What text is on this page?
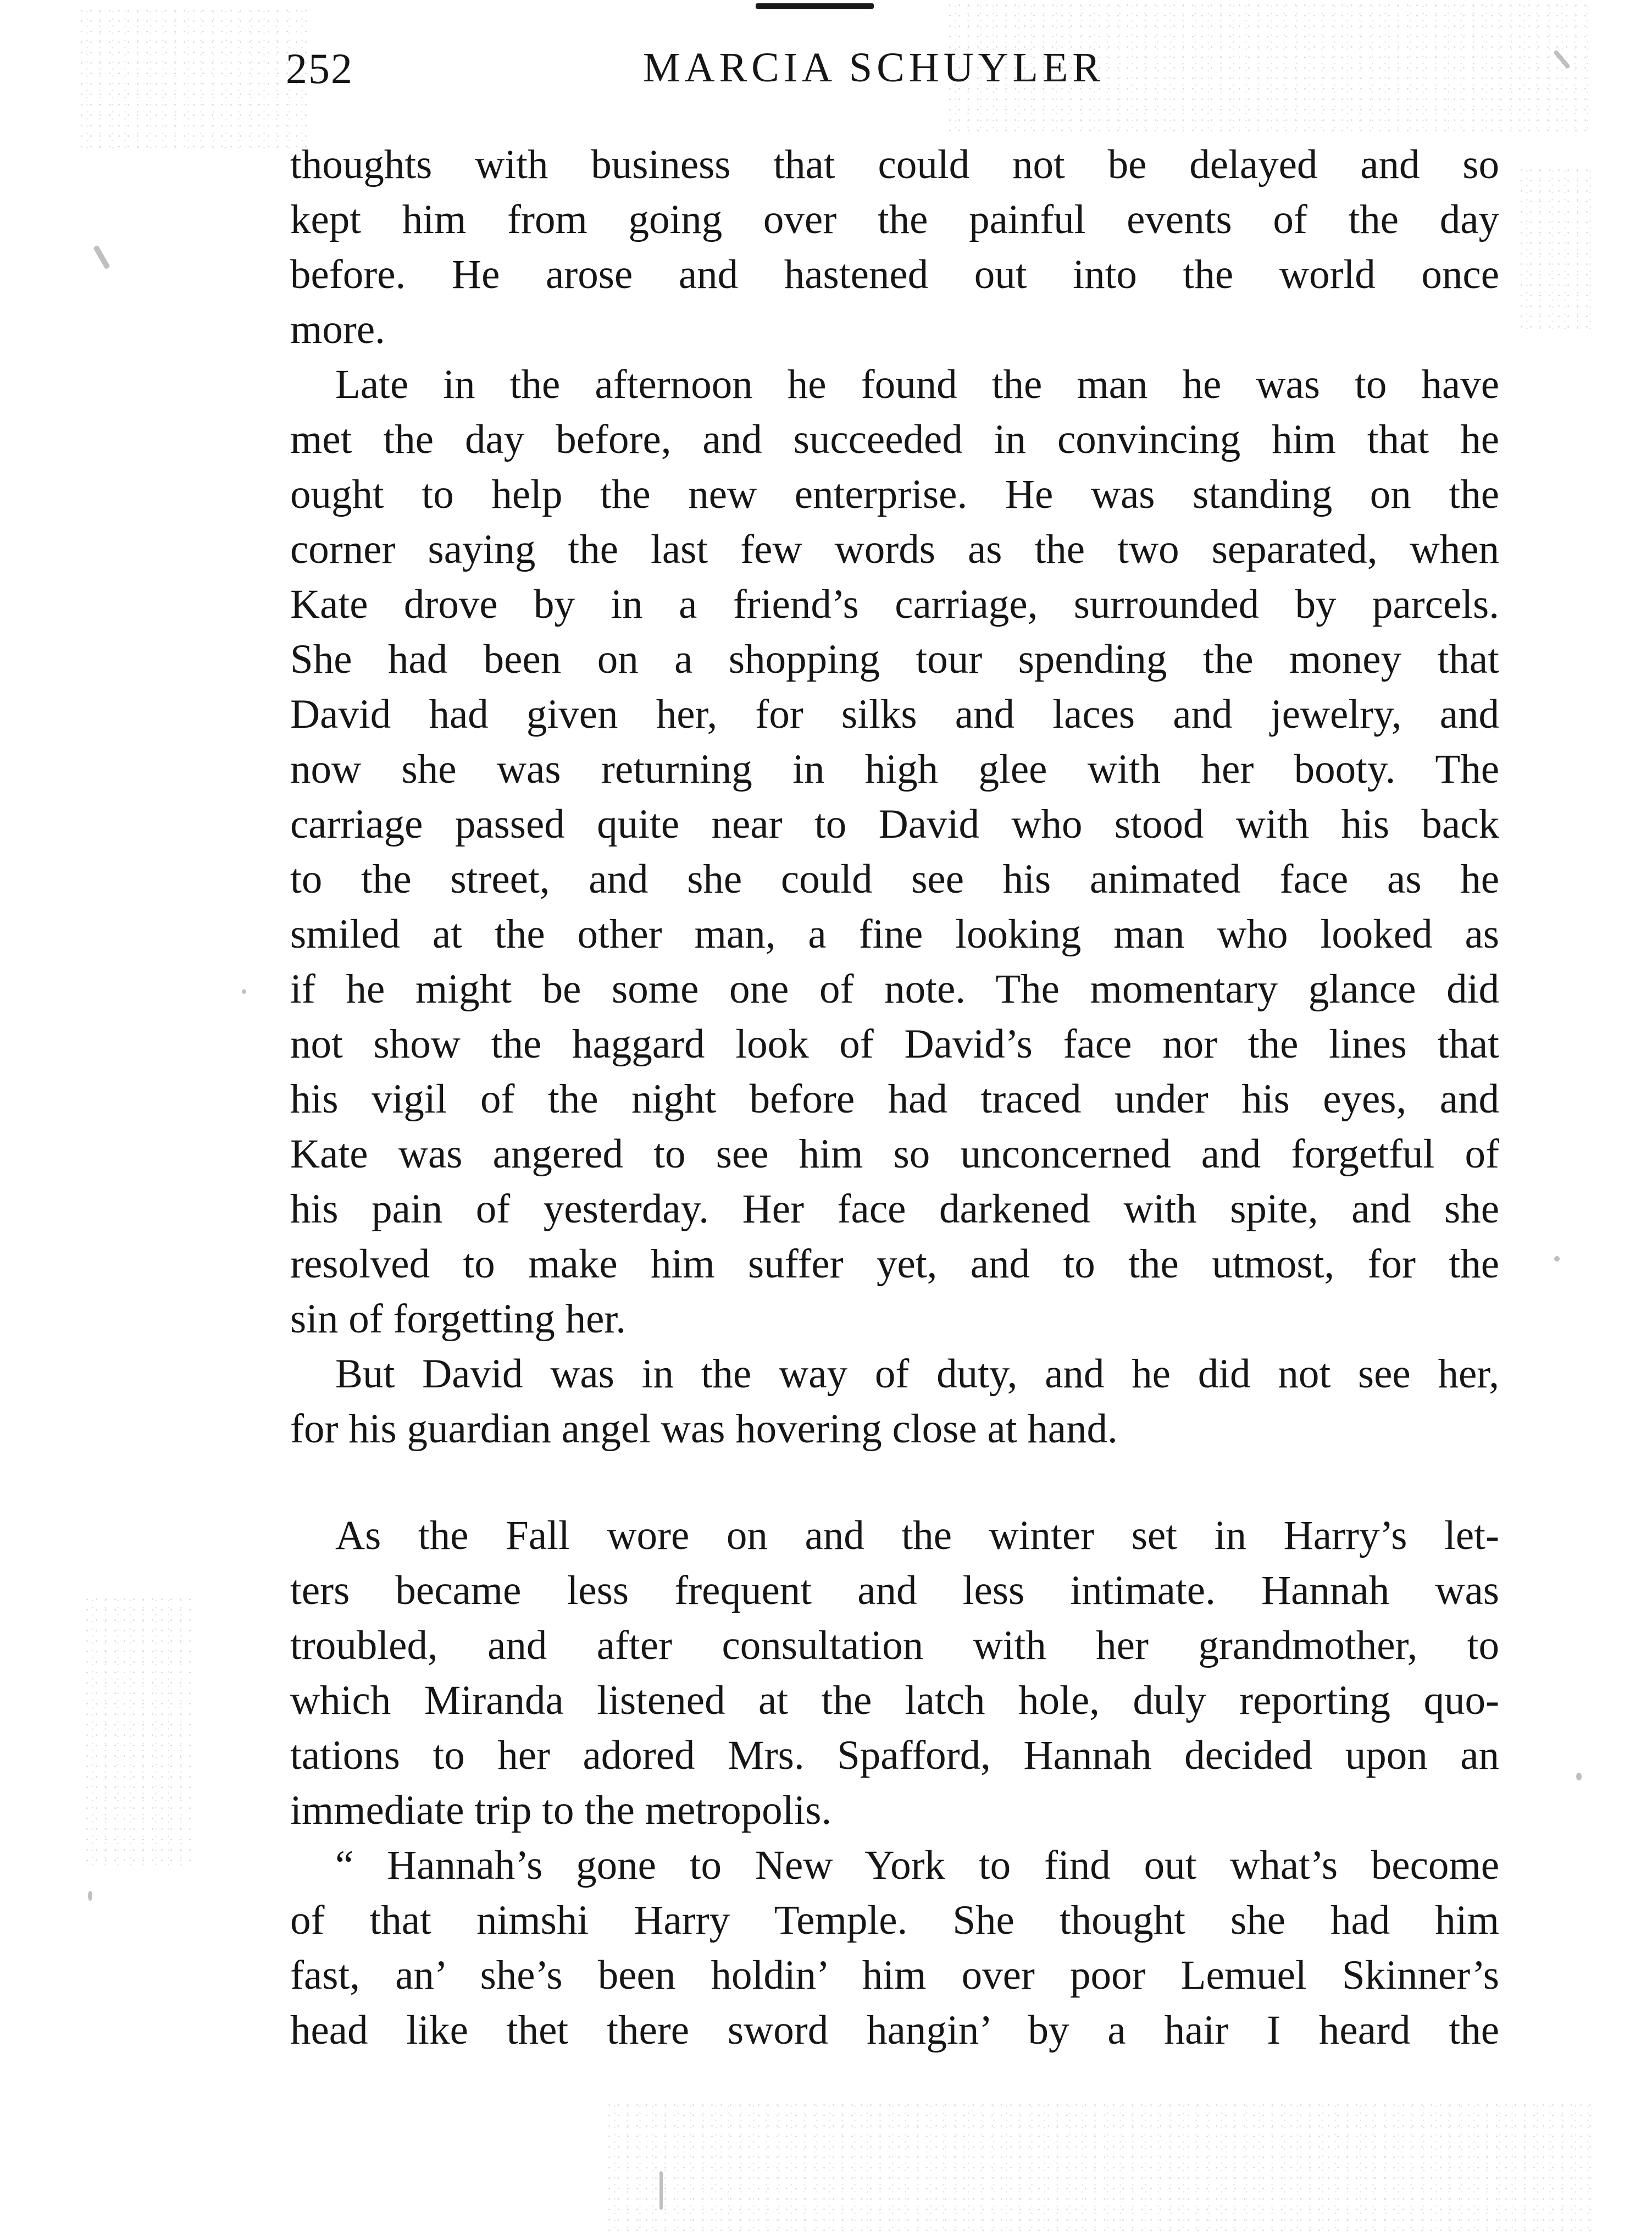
252	MARCIA SCHUYLER
thoughts with business that could not be delayed and so
kept him from going over the painful events of the day
before. He arose and hastened out into the world once
more.
Late in the afternoon he found the man he was to have
met the day before, and succeeded in convincing him that he
ought to help the new enterprise. He was standing on the
corner saying the last few words as the two separated, when
Kate drove by in a friend’s carriage, surrounded by parcels.
She had been on a shopping tour spending the money that
David had given her, for silks and laces and jewelry, and
now she was returning in high glee with her booty. The
carriage passed quite near to David who stood with his back
to the street, and she could see his animated face as he
smiled at the other man, a fine looking man who looked as
if he might be some one of note. The momentary glance did
not show the haggard look of David’s face nor the lines that
his vigil of the night before had traced under his eyes, and
Kate was angered to see him so unconcerned and forgetful of
his pain of yesterday. Her face darkened with spite, and she
resolved to make him suffer yet, and to the utmost, for the
sin of forgetting her.
But David was in the way of duty, and he did not see her,
for his guardian angel was hovering close at hand.
As the Fall wore on and the winter set in Harry’s let-
ters became less frequent and less intimate. Hannah was
troubled, and after consultation with her grandmother, to
which Miranda listened at the latch hole, duly reporting quo-
tations to her adored Mrs. Spafford, Hannah decided upon an
immediate trip to the metropolis.
“ Hannah’s gone to New York to find out what’s become
of that nimshi Harry Temple. She thought she had him
fast, an’ she’s been holdin’ him over poor Lemuel Skinner’s
head like thet there sword hangin’ by a hair I heard the
